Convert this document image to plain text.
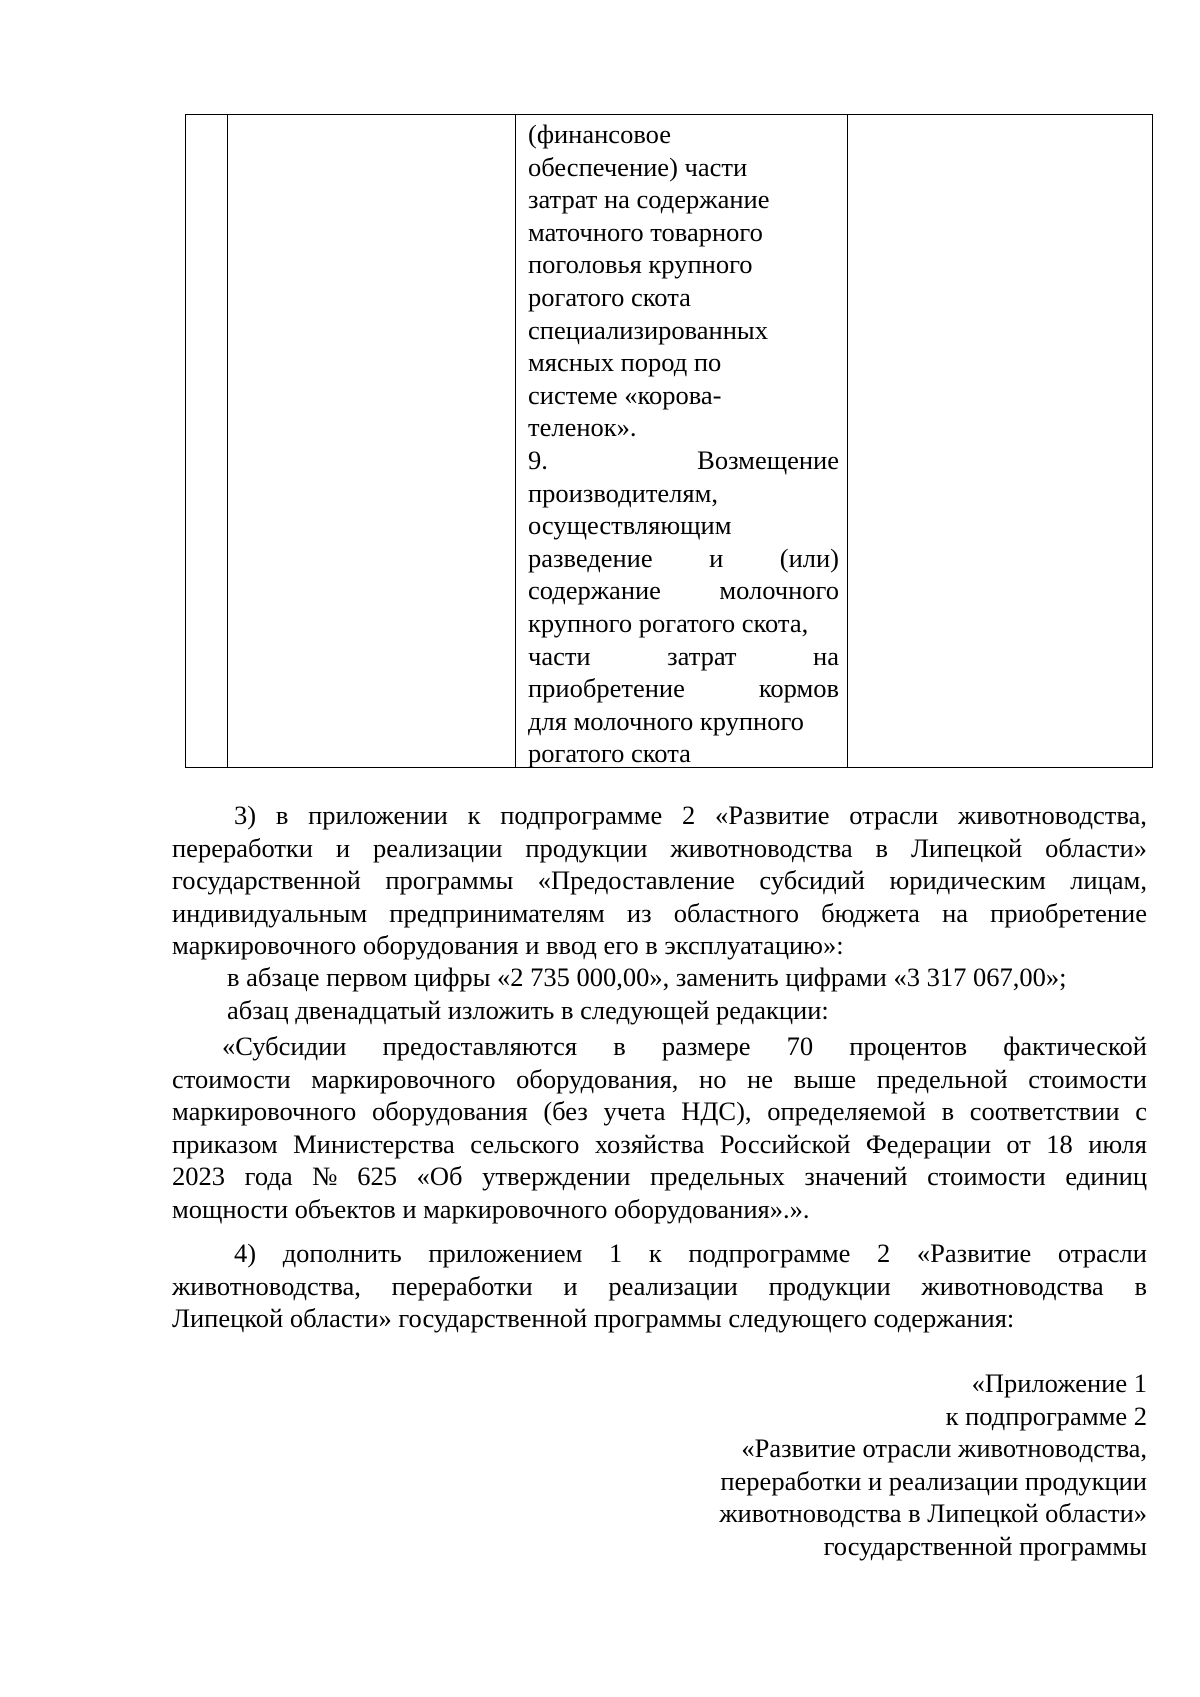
(финансовое
обеспечение) части
затрат на содержание
маточного товарного
поголовья крупного
рогатого скота
специализированных
мясных пород по
системе «корова-
теленок».
9.	Возмещение
производителям,
осуществляющим
разведение и (или)
содержание молочного
крупного рогатого скота,
части	затрат	на
приобретение	кормов
для молочного крупного
рогатого скота
3) в приложении к подпрограмме 2 «Развитие отрасли животноводства,
переработки и реализации продукции животноводства в Липецкой области»
государственной программы «Предоставление субсидий юридическим лицам,
индивидуальным предпринимателям из областного бюджета на приобретение
маркировочного оборудования и ввод его в эксплуатацию»:
в абзаце первом цифры «2 735 000,00», заменить цифрами «3 317 067,00»;
абзац двенадцатый изложить в следующей редакции:
«Субсидии предоставляются в размере 70 процентов фактической
стоимости маркировочного оборудования, но не выше предельной стоимости
маркировочного оборудования (без учета НДС), определяемой в соответствии с
приказом Министерства сельского хозяйства Российской Федерации от 18 июля
2023 года № 625 «Об утверждении предельных значений стоимости единиц
мощности объектов и маркировочного оборудования».».
4) дополнить приложением 1 к подпрограмме 2 «Развитие отрасли
животноводства, переработки и реализации продукции животноводства в
Липецкой области» государственной программы следующего содержания:
«Приложение 1
к подпрограмме 2
«Развитие отрасли животноводства,
переработки и реализации продукции
животноводства в Липецкой области»
государственной программы
